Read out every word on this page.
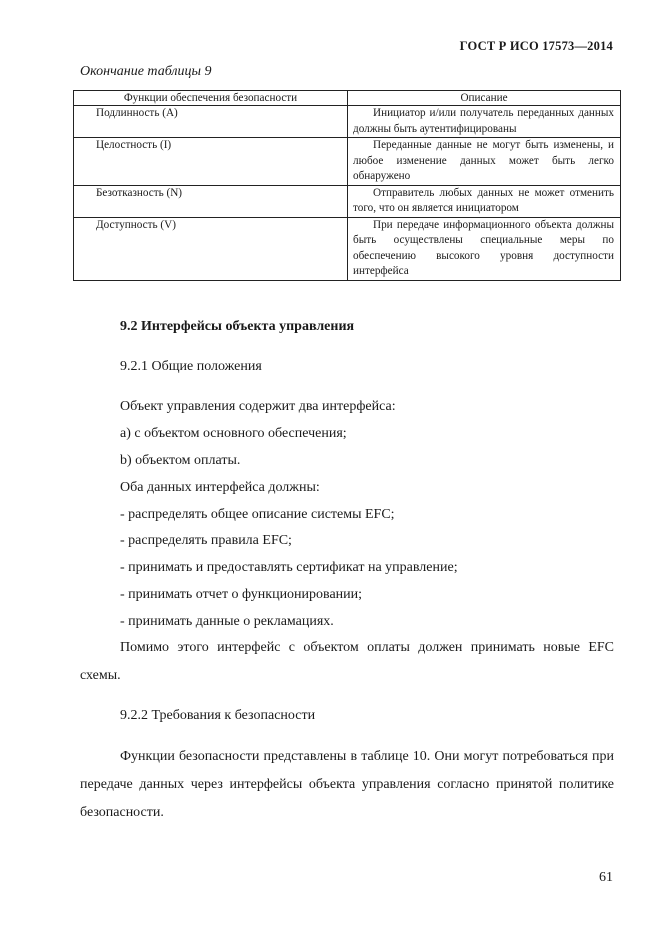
ГОСТ Р ИСО 17573—2014
Окончание таблицы 9
Функции обеспечения безопасности	Описание
Подлинность (A)	Инициатор и/или получатель переданных данных должны быть аутентифицированы
Целостность (I)	Переданные данные не могут быть изменены, и любое изменение данных может быть легко обнаружено
Безотказность (N)	Отправитель любых данных не может отменить того, что он является инициатором
Доступность (V)	При передаче информационного объекта должны быть осуществлены специальные меры по обеспечению высокого уровня доступности интерфейса
9.2 Интерфейсы объекта управления
9.2.1 Общие положения
Объект управления содержит два интерфейса:
a) с объектом основного обеспечения;
b) объектом оплаты.
Оба данных интерфейса должны:
- распределять общее описание системы EFC;
- распределять правила EFC;
- принимать и предоставлять сертификат на управление;
- принимать отчет о функционировании;
- принимать данные о рекламациях.
Помимо этого интерфейс с объектом оплаты должен принимать новые EFC схемы.
9.2.2 Требования к безопасности
Функции безопасности представлены в таблице 10. Они могут потребоваться при передаче данных через интерфейсы объекта управления согласно принятой политике безопасности.
61
